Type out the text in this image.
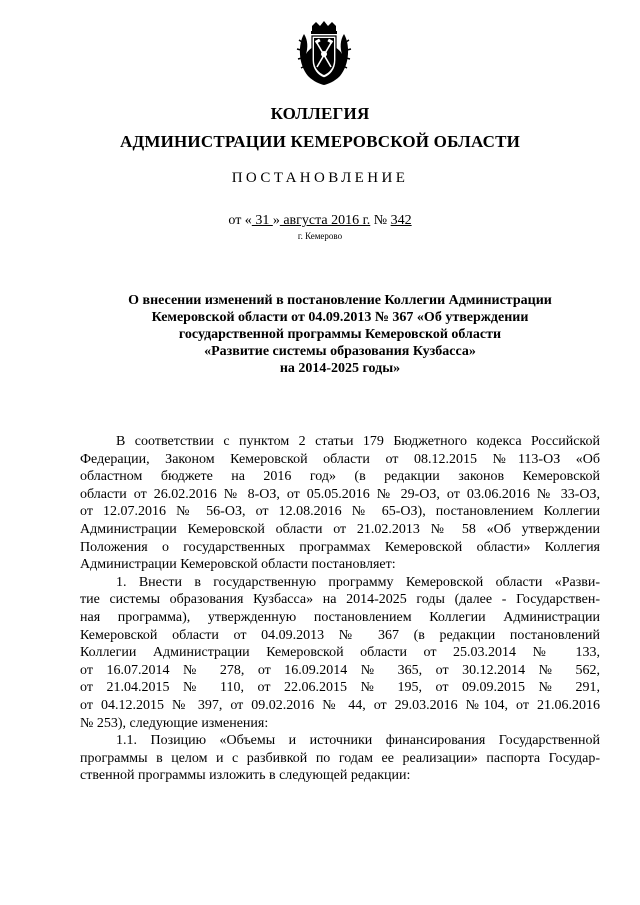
КОЛЛЕГИЯ
АДМИНИСТРАЦИИ КЕМЕРОВСКОЙ ОБЛАСТИ
ПОСТАНОВЛЕНИЕ
от « 31 » августа 2016 г. № 342
г. Кемерово
О внесении изменений в постановление Коллегии Администрации
Кемеровской области от 04.09.2013 № 367 «Об утверждении
государственной программы Кемеровской области
«Развитие системы образования Кузбасса»
на 2014-2025 годы»
В соответствии с пунктом 2 статьи 179 Бюджетного кодекса Российской
Федерации, Законом Кемеровской области от 08.12.2015 №113-ОЗ «Об
областном бюджете на 2016 год» (в редакции законов Кемеровской
области от 26.02.2016 № 8-ОЗ, от 05.05.2016 № 29-ОЗ, от 03.06.2016 № 33-ОЗ,
от 12.07.2016 № 56-ОЗ, от 12.08.2016 № 65-ОЗ), постановлением Коллегии
Администрации Кемеровской области от 21.02.2013 № 58 «Об утверждении
Положения о государственных программах Кемеровской области» Коллегия
Администрации Кемеровской области постановляет:
1. Внести в государственную программу Кемеровской области «Разви-
тие системы образования Кузбасса» на 2014-2025 годы (далее - Государствен-
ная программа), утвержденную постановлением Коллегии Администрации
Кемеровской области от 04.09.2013 № 367 (в редакции постановлений
Коллегии Администрации Кемеровской области от 25.03.2014 № 133,
от 16.07.2014 № 278, от 16.09.2014 № 365, от 30.12.2014 № 562,
от 21.04.2015 № 110, от 22.06.2015 № 195, от 09.09.2015 № 291,
от 04.12.2015 № 397, от 09.02.2016 № 44, от 29.03.2016 №104, от 21.06.2016
№ 253), следующие изменения:
1.1. Позицию «Объемы и источники финансирования Государственной
программы в целом и с разбивкой по годам ее реализации» паспорта Государ-
ственной программы изложить в следующей редакции:
